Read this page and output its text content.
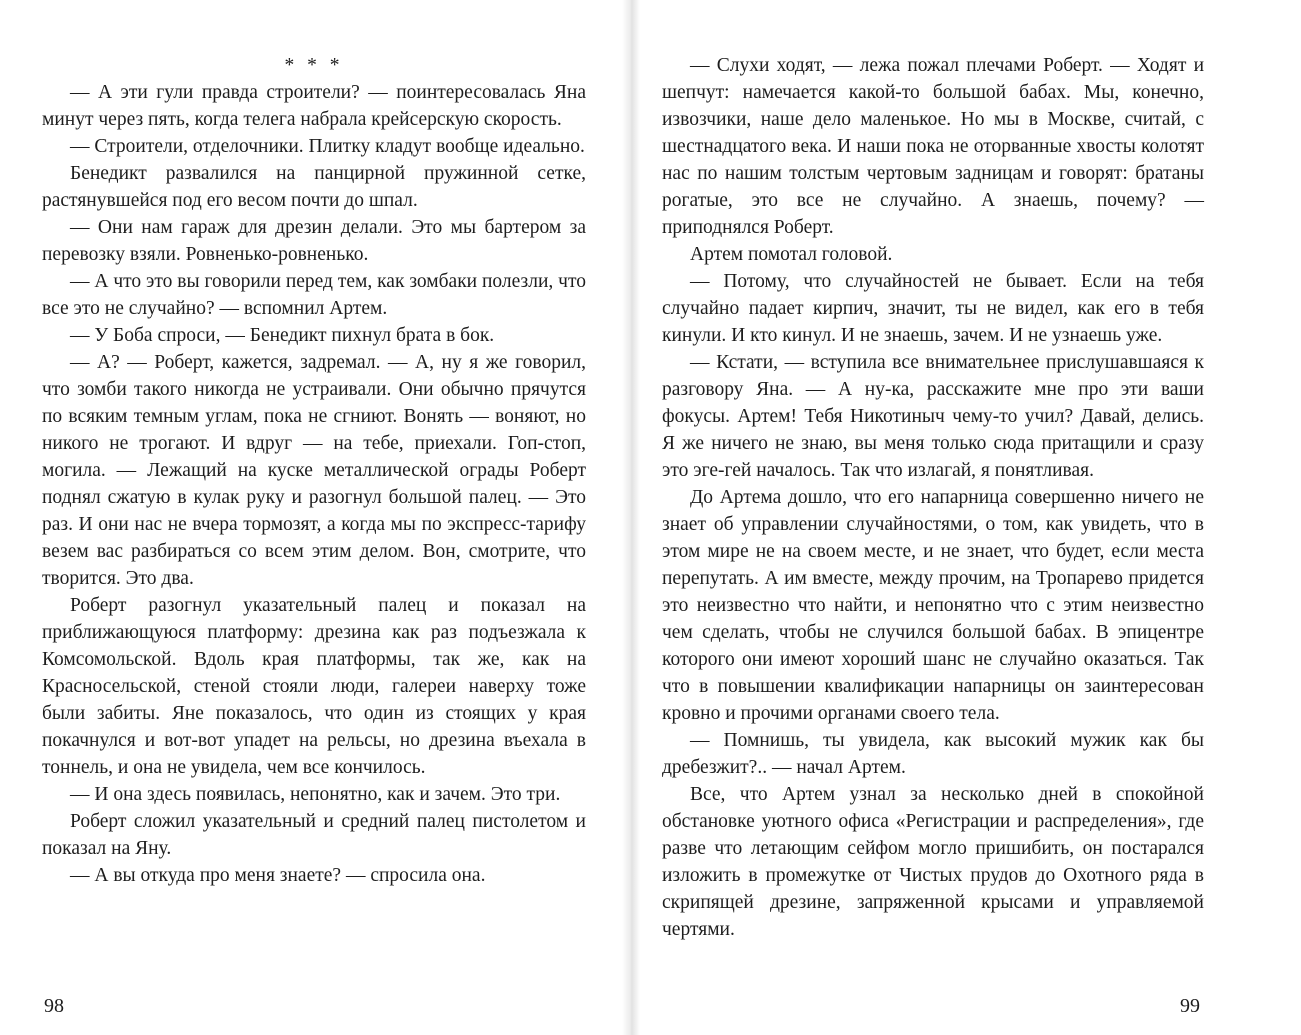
* * *

— А эти гули правда строители? — поинтересовалась Яна минут через пять, когда телега набрала крейсерскую скорость.

— Строители, отделочники. Плитку кладут вообще идеально.

Бенедикт развалился на панцирной пружинной сетке, растянувшейся под его весом почти до шпал.

— Они нам гараж для дрезин делали. Это мы бартером за перевозку взяли. Ровненько-ровненько.

— А что это вы говорили перед тем, как зомбаки полезли, что все это не случайно? — вспомнил Артем.

— У Боба спроси, — Бенедикт пихнул брата в бок.

— А? — Роберт, кажется, задремал. — А, ну я же говорил, что зомби такого никогда не устраивали. Они обычно прячутся по всяким темным углам, пока не сгниют. Вонять — воняют, но никого не трогают. И вдруг — на тебе, приехали. Гоп-стоп, могила. — Лежащий на куске металлической ограды Роберт поднял сжатую в кулак руку и разогнул большой палец. — Это раз. И они нас не вчера тормозят, а когда мы по экспресс-тарифу везем вас разбираться со всем этим делом. Вон, смотрите, что творится. Это два.

Роберт разогнул указательный палец и показал на приближающуюся платформу: дрезина как раз подъезжала к Комсомольской. Вдоль края платформы, так же, как на Красносельской, стеной стояли люди, галереи наверху тоже были забиты. Яне показалось, что один из стоящих у края покачнулся и вот-вот упадет на рельсы, но дрезина въехала в тоннель, и она не увидела, чем все кончилось.

— И она здесь появилась, непонятно, как и зачем. Это три.

Роберт сложил указательный и средний палец пистолетом и показал на Яну.

— А вы откуда про меня знаете? — спросила она.

— Слухи ходят, — лежа пожал плечами Роберт. — Ходят и шепчут: намечается какой-то большой бабах. Мы, конечно, извозчики, наше дело маленькое. Но мы в Москве, считай, с шестнадцатого века. И наши пока не оторванные хвосты колотят нас по нашим толстым чертовым задницам и говорят: братаны рогатые, это все не случайно. А знаешь, почему? — приподнялся Роберт.

Артем помотал головой.

— Потому, что случайностей не бывает. Если на тебя случайно падает кирпич, значит, ты не видел, как его в тебя кинули. И кто кинул. И не знаешь, зачем. И не узнаешь уже.

— Кстати, — вступила все внимательнее прислушавшаяся к разговору Яна. — А ну-ка, расскажите мне про эти ваши фокусы. Артем! Тебя Никотиныч чему-то учил? Давай, делись. Я же ничего не знаю, вы меня только сюда притащили и сразу это эге-гей началось. Так что излагай, я понятливая.

До Артема дошло, что его напарница совершенно ничего не знает об управлении случайностями, о том, как увидеть, что в этом мире не на своем месте, и не знает, что будет, если места перепутать. А им вместе, между прочим, на Тропарево придется это неизвестно что найти, и непонятно что с этим неизвестно чем сделать, чтобы не случился большой бабах. В эпицентре которого они имеют хороший шанс не случайно оказаться. Так что в повышении квалификации напарницы он заинтересован кровно и прочими органами своего тела.

— Помнишь, ты увидела, как высокий мужик как бы дребезжит?.. — начал Артем.

Все, что Артем узнал за несколько дней в спокойной обстановке уютного офиса «Регистрации и распределения», где разве что летающим сейфом могло пришибить, он постарался изложить в промежутке от Чистых прудов до Охотного ряда в скрипящей дрезине, запряженной крысами и управляемой чертями.

98	99
